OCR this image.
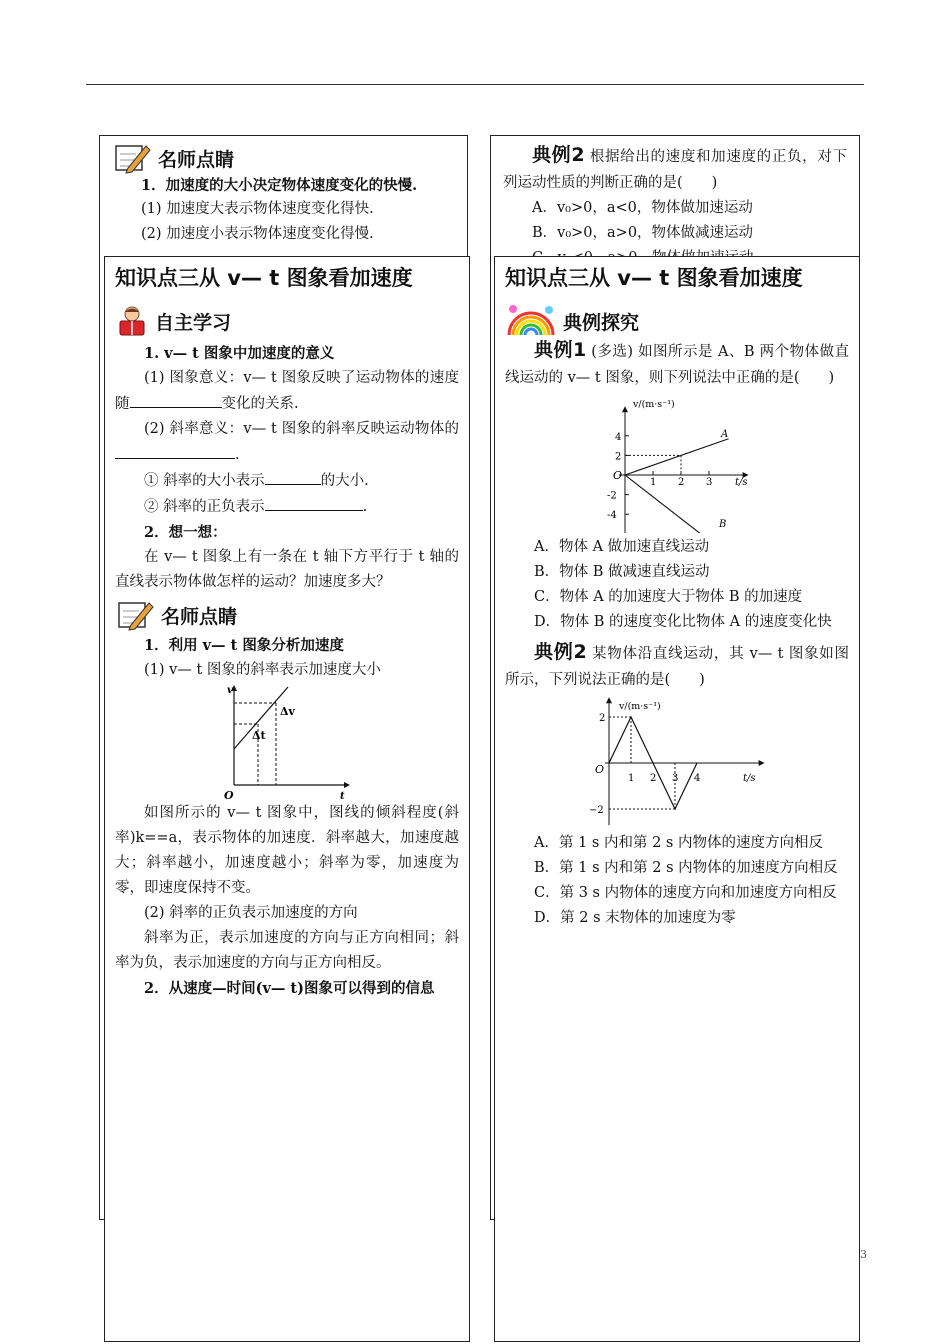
名师点睛
1．加速度的大小决定物体速度变化的快慢.
(1) 加速度大表示物体速度变化得快.
(2) 加速度小表示物体速度变化得慢.
典例2 根据给出的速度和加速度的正负，对下列运动性质的判断正确的是(　　)
A．v₀>0，a<0，物体做加速运动
B．v₀>0，a>0，物体做减速运动
知识点三从 v— t 图象看加速度
自主学习
1. v— t 图象中加速度的意义
(1) 图象意义：v— t 图象反映了运动物体的速度随	变化的关系.
(2) 斜率意义：v— t 图象的斜率反映运动物体的.
① 斜率的大小表示	的大小.
② 斜率的正负表示	.
2．想一想：
在 v— t 图象上有一条在 t 轴下方平行于 t 轴的直线表示物体做怎样的运动？加速度多大？
名师点睛
1．利用 v— t 图象分析加速度
(1) v— t 图象的斜率表示加速度大小
v
t
O
Δv
Δt
如图所示的 v— t 图象中，图线的倾斜程度(斜率)k==a，表示物体的加速度．斜率越大，加速度越大；斜率越小，加速度越小；斜率为零，加速度为零，即速度保持不变。
(2) 斜率的正负表示加速度的方向
斜率为正，表示加速度的方向与正方向相同；斜率为负，表示加速度的方向与正方向相反。
2．从速度—时间(v— t)图象可以得到的信息
知识点三从 v— t 图象看加速度
典例探究
典例1 (多选) 如图所示是 A、B 两个物体做直线运动的 v— t 图象，则下列说法中正确的是(　　)
v/(m·s⁻¹)
t/s
O
4
2
-2
-4
1 2 3
A
B
A．物体 A 做加速直线运动
B．物体 B 做减速直线运动
C．物体 A 的加速度大于物体 B 的加速度
D．物体 B 的速度变化比物体 A 的速度变化快
典例2 某物体沿直线运动，其 v— t 图象如图所示，下列说法正确的是(　　)
v/(m·s⁻¹)
t/s
O
2
−2
1 2 3 4
A．第 1 s 内和第 2 s 内物体的速度方向相反
B．第 1 s 内和第 2 s 内物体的加速度方向相反
C．第 3 s 内物体的速度方向和加速度方向相反
D．第 2 s 末物体的加速度为零
3
